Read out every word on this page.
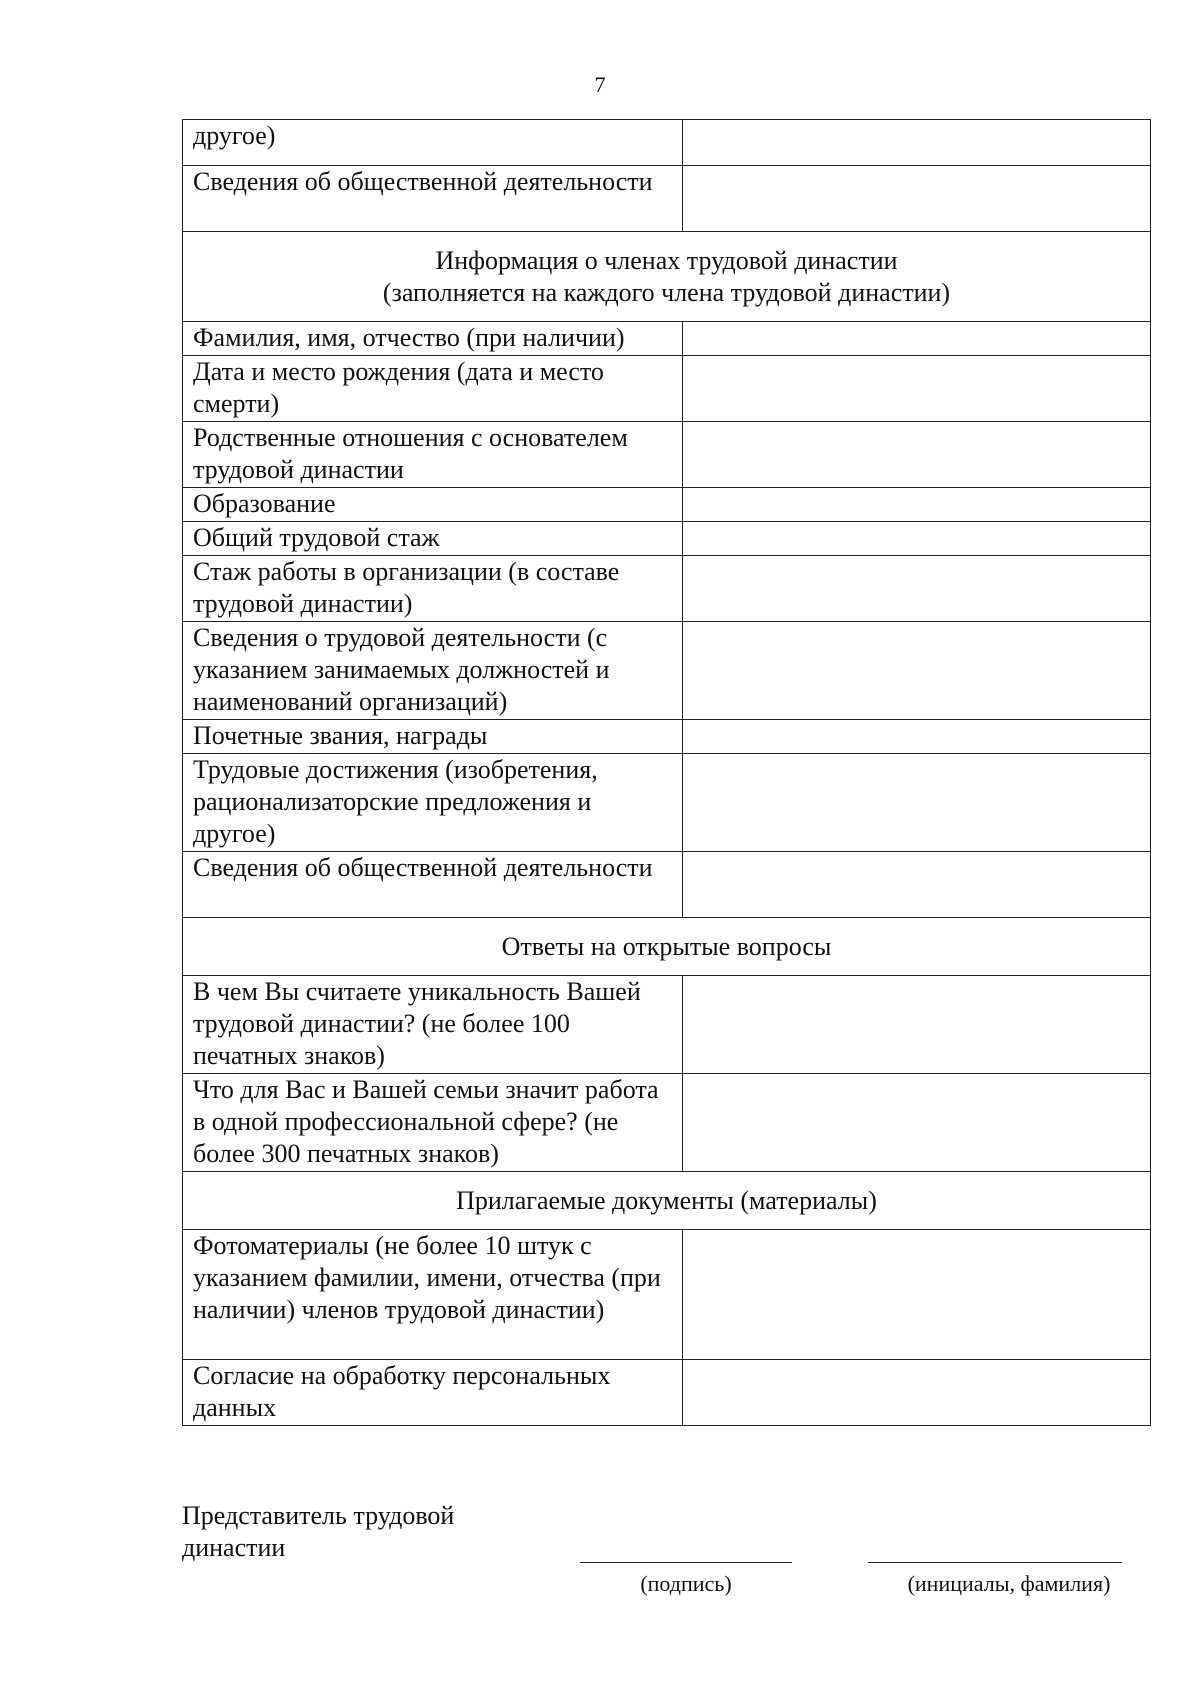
7
другое)	
Сведения об общественной деятельности	
Информация о членах трудовой династии
(заполняется на каждого члена трудовой династии)	
Фамилия, имя, отчество (при наличии)	
Дата и место рождения (дата и место смерти)	
Родственные отношения с основателем трудовой династии	
Образование	
Общий трудовой стаж	
Стаж работы в организации (в составе трудовой династии)	
Сведения о трудовой деятельности (с указанием занимаемых должностей и наименований организаций)	
Почетные звания, награды	
Трудовые достижения (изобретения, рационализаторские предложения и другое)	
Сведения об общественной деятельности	
Ответы на открытые вопросы	
В чем Вы считаете уникальность Вашей трудовой династии? (не более 100 печатных знаков)	
Что для Вас и Вашей семьи значит работа в одной профессиональной сфере? (не более 300 печатных знаков)	
Прилагаемые документы (материалы)	
Фотоматериалы (не более 10 штук с указанием фамилии, имени, отчества (при наличии) членов трудовой династии)	
Согласие на обработку персональных данных	
Представитель трудовой династии
(подпись)	(инициалы, фамилия)
